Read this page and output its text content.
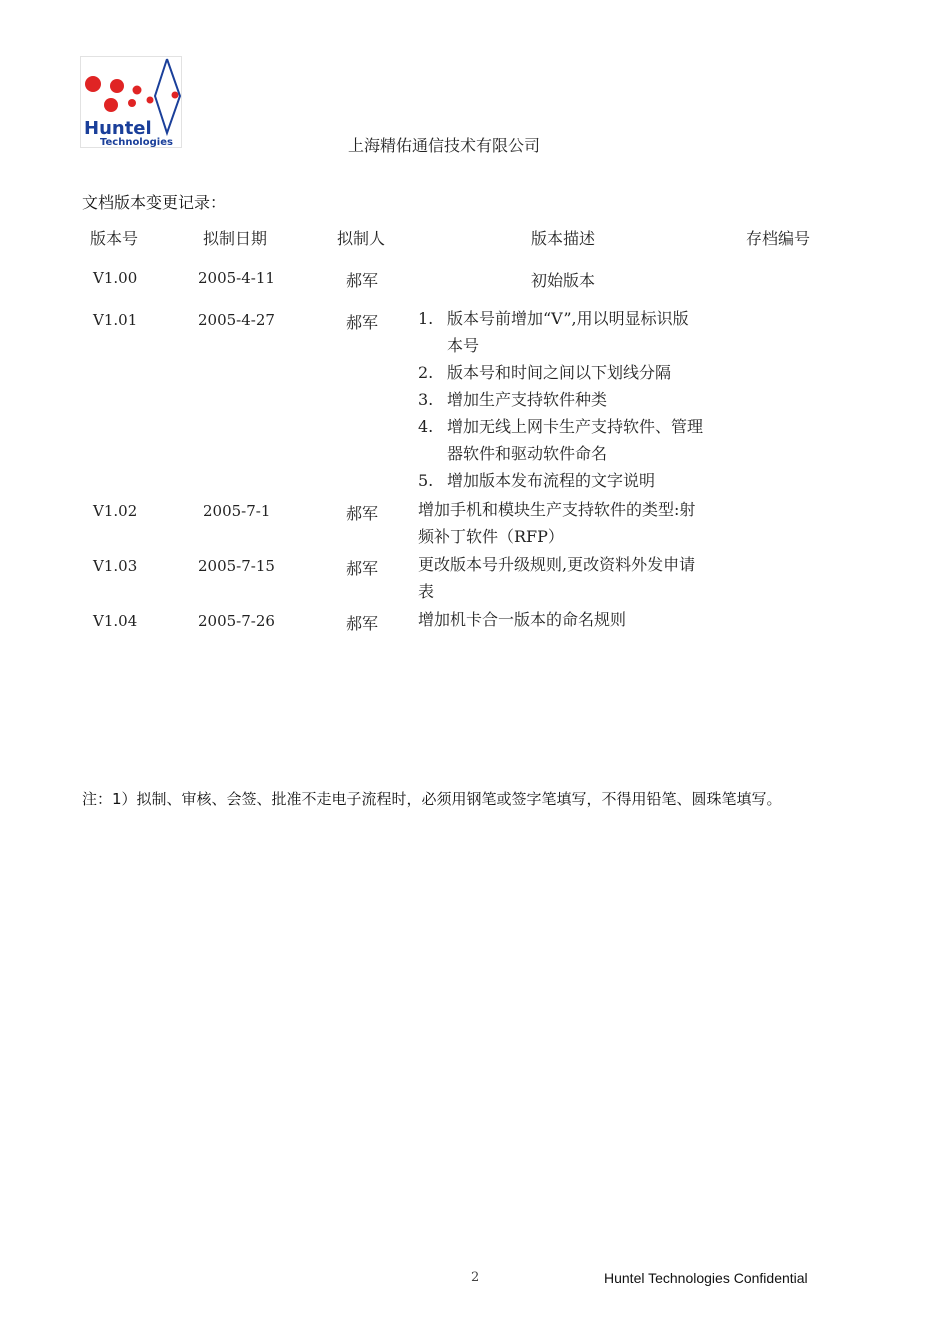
Huntel
Technologies	上海精佑通信技术有限公司
文档版本变更记录：
版本号	拟制日期	拟制人	版本描述	存档编号
V1.00	2005-4-11	郝军	初始版本
V1.01	2005-4-27	郝军 1. 版本号前增加“V”,用以明显标识版
本号
2. 版本号和时间之间以下划线分隔
3. 增加生产支持软件种类
4. 增加无线上网卡生产支持软件、管理
器软件和驱动软件命名
5. 增加版本发布流程的文字说明
V1.02	2005-7-1	郝军 增加手机和模块生产支持软件的类型:射
频补丁软件（RFP）
V1.03	2005-7-15	郝军 更改版本号升级规则,更改资料外发申请
表
V1.04	2005-7-26	郝军 增加机卡合一版本的命名规则
注：1）拟制、审核、会签、批准不走电子流程时，必须用钢笔或签字笔填写，不得用铅笔、圆珠笔填写。
2	Huntel Technologies Confidential
